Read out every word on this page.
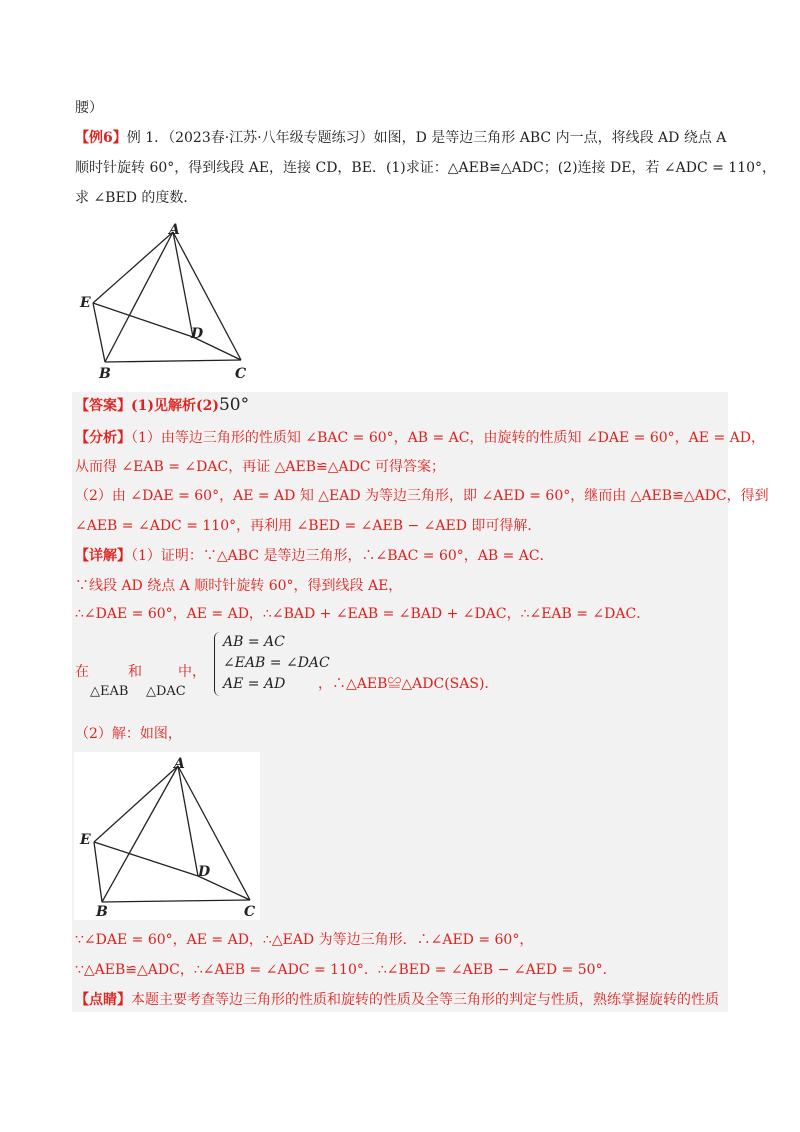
腰）
【例6】例 1．（2023春·江苏·八年级专题练习）如图，D 是等边三角形 ABC 内一点，将线段 AD 绕点 A
顺时针旋转 60°，得到线段 AE，连接 CD，BE．(1)求证：△AEB≌△ADC；(2)连接 DE，若 ∠ADC = 110°，
求 ∠BED 的度数．
A
E
D
B	C
【答案】(1)见解析(2)50°
【分析】（1）由等边三角形的性质知 ∠BAC = 60°，AB = AC，由旋转的性质知 ∠DAE = 60°，AE = AD，
从而得 ∠EAB = ∠DAC，再证 △AEB≌△ADC 可得答案；
（2）由 ∠DAE = 60°，AE = AD 知 △EAD 为等边三角形，即 ∠AED = 60°，继而由 △AEB≌△ADC，得到
∠AEB = ∠ADC = 110°，再利用 ∠BED = ∠AEB − ∠AED 即可得解．
【详解】（1）证明：∵△ABC 是等边三角形，∴∠BAC = 60°，AB = AC．
∵线段 AD 绕点 A 顺时针旋转 60°，得到线段 AE，
∴∠DAE = 60°，AE = AD，∴∠BAD + ∠EAB = ∠BAD + ∠DAC，∴∠EAB = ∠DAC．
在	和	中，
△EAB △DAC
AB = AC
∠EAB = ∠DAC
AE = AD	，∴△AEB≌△ADC(SAS)．
（2）解：如图，
A
E
D
B	C
∵∠DAE = 60°，AE = AD，∴△EAD 为等边三角形．∴∠AED = 60°，
∵△AEB≌△ADC，∴∠AEB = ∠ADC = 110°．∴∠BED = ∠AEB − ∠AED = 50°．
【点睛】本题主要考查等边三角形的性质和旋转的性质及全等三角形的判定与性质，熟练掌握旋转的性质
